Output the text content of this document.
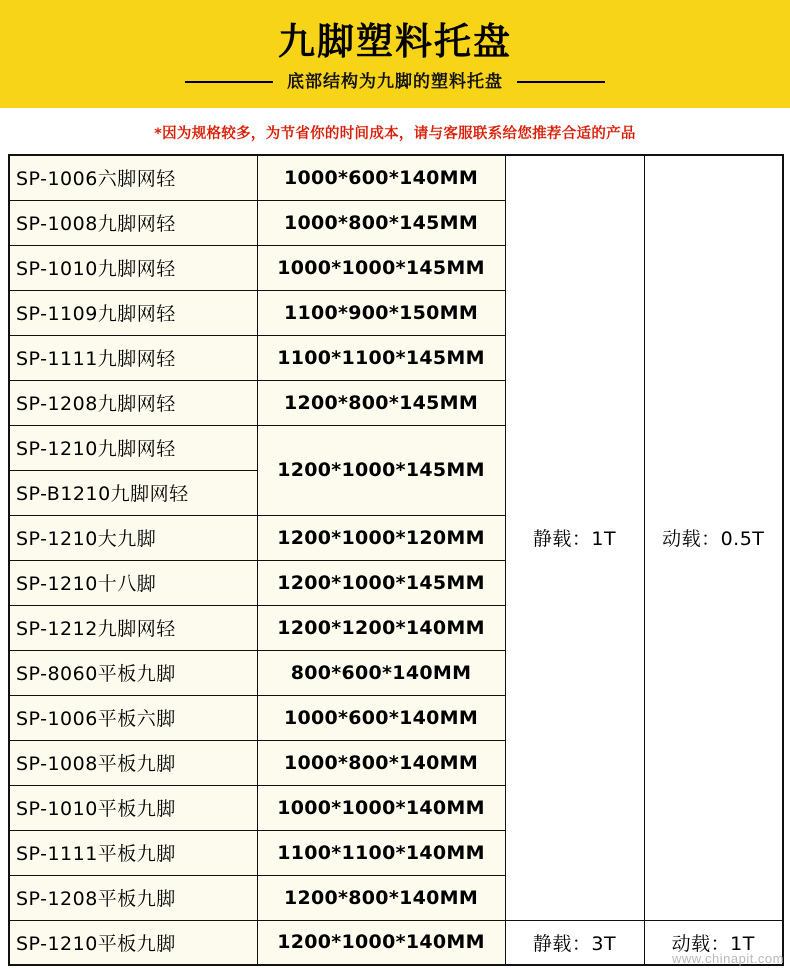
九脚塑料托盘
底部结构为九脚的塑料托盘
*因为规格较多，为节省你的时间成本，请与客服联系给您推荐合适的产品
SP-1006六脚网轻	1000*600*140MM	静载：1T	动载：0.5T
SP-1008九脚网轻	1000*800*145MM		
SP-1010九脚网轻	1000*1000*145MM		
SP-1109九脚网轻	1100*900*150MM		
SP-1111九脚网轻	1100*1100*145MM		
SP-1208九脚网轻	1200*800*145MM		
SP-1210九脚网轻	1200*1000*145MM		
SP-B1210九脚网轻			
SP-1210大九脚	1200*1000*120MM		
SP-1210十八脚	1200*1000*145MM		
SP-1212九脚网轻	1200*1200*140MM		
SP-8060平板九脚	800*600*140MM		
SP-1006平板六脚	1000*600*140MM		
SP-1008平板九脚	1000*800*140MM		
SP-1010平板九脚	1000*1000*140MM		
SP-1111平板九脚	1100*1100*140MM		
SP-1208平板九脚	1200*800*140MM		
SP-1210平板九脚	1200*1000*140MM	静载：3T	动载：1T
www.chinapit.com
